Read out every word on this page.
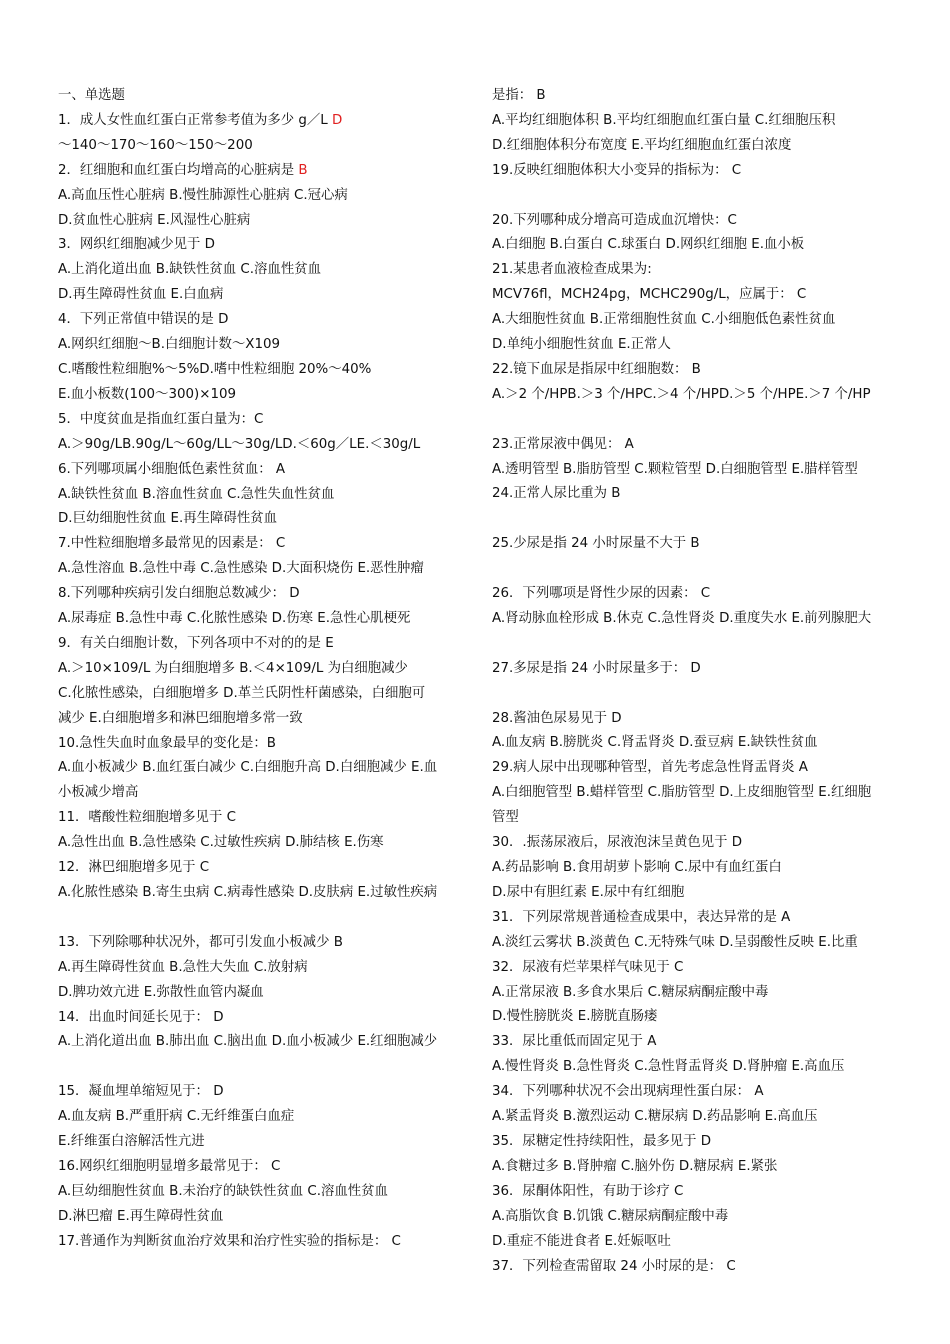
一、单选题
1．成人女性血红蛋白正常参考值为多少 g／L D
～140～170～160～150～200
2．红细胞和血红蛋白均增高的心脏病是 B
A.高血压性心脏病 B.慢性肺源性心脏病 C.冠心病
D.贫血性心脏病 E.风湿性心脏病
3．网织红细胞减少见于 D
A.上消化道出血 B.缺铁性贫血 C.溶血性贫血
D.再生障碍性贫血 E.白血病
4．下列正常值中错误的是 D
A.网织红细胞～B.白细胞计数～X109
C.嗜酸性粒细胞%～5%D.嗜中性粒细胞 20%～40%
E.血小板数(100～300)×109
5．中度贫血是指血红蛋白量为：C
A.＞90g/LB.90g/L～60g/LL～30g/LD.＜60g／LE.＜30g/L
6.下列哪项属小细胞低色素性贫血： A
A.缺铁性贫血 B.溶血性贫血 C.急性失血性贫血
D.巨幼细胞性贫血 E.再生障碍性贫血
7.中性粒细胞增多最常见的因素是： C
A.急性溶血 B.急性中毒 C.急性感染 D.大面积烧伤 E.恶性肿瘤
8.下列哪种疾病引发白细胞总数减少： D
A.尿毒症 B.急性中毒 C.化脓性感染 D.伤寒 E.急性心肌梗死
9．有关白细胞计数，下列各项中不对的的是 E
A.＞10×109/L 为白细胞增多 B.＜4×109/L 为白细胞减少
C.化脓性感染，白细胞增多 D.革兰氏阴性杆菌感染，白细胞可
减少 E.白细胞增多和淋巴细胞增多常一致
10.急性失血时血象最早的变化是：B
A.血小板减少 B.血红蛋白减少 C.白细胞升高 D.白细胞减少 E.血
小板减少增高
11．嗜酸性粒细胞增多见于 C
A.急性出血 B.急性感染 C.过敏性疾病 D.肺结核 E.伤寒
12．淋巴细胞增多见于 C
A.化脓性感染 B.寄生虫病 C.病毒性感染 D.皮肤病 E.过敏性疾病
13．下列除哪种状况外，都可引发血小板减少 B
A.再生障碍性贫血 B.急性大失血 C.放射病
D.脾功效亢进 E.弥散性血管内凝血
14．出血时间延长见于： D
A.上消化道出血 B.肺出血 C.脑出血 D.血小板减少 E.红细胞减少
15．凝血埋单缩短见于： D
A.血友病 B.严重肝病 C.无纤维蛋白血症
E.纤维蛋白溶解活性亢进
16.网织红细胞明显增多最常见于： C
A.巨幼细胞性贫血 B.未治疗的缺铁性贫血 C.溶血性贫血
D.淋巴瘤 E.再生障碍性贫血
17.普通作为判断贫血治疗效果和治疗性实验的指标是： C
是指： B
A.平均红细胞体积 B.平均红细胞血红蛋白量 C.红细胞压积
D.红细胞体积分布宽度 E.平均红细胞血红蛋白浓度
19.反映红细胞体积大小变异的指标为： C
20.下列哪种成分增高可造成血沉增快：C
A.白细胞 B.白蛋白 C.球蛋白 D.网织红细胞 E.血小板
21.某患者血液检查成果为:
MCV76fl，MCH24pg，MCHC290g/L，应属于： C
A.大细胞性贫血 B.正常细胞性贫血 C.小细胞低色素性贫血
D.单纯小细胞性贫血 E.正常人
22.镜下血尿是指尿中红细胞数： B
A.＞2 个/HPB.＞3 个/HPC.＞4 个/HPD.＞5 个/HPE.＞7 个/HP
23.正常尿液中偶见： A
A.透明管型 B.脂肪管型 C.颗粒管型 D.白细胞管型 E.腊样管型
24.正常人尿比重为 B
25.少尿是指 24 小时尿量不大于 B
26．下列哪项是肾性少尿的因素： C
A.肾动脉血栓形成 B.休克 C.急性肾炎 D.重度失水 E.前列腺肥大
27.多尿是指 24 小时尿量多于： D
28.酱油色尿易见于 D
A.血友病 B.膀胱炎 C.肾盂肾炎 D.蚕豆病 E.缺铁性贫血
29.病人尿中出现哪种管型，首先考虑急性肾盂肾炎 A
A.白细胞管型 B.蜡样管型 C.脂肪管型 D.上皮细胞管型 E.红细胞
管型
30．.振荡尿液后，尿液泡沫呈黄色见于 D
A.药品影响 B.食用胡萝卜影响 C.尿中有血红蛋白
D.尿中有胆红素 E.尿中有红细胞
31．下列尿常规普通检查成果中，表达异常的是 A
A.淡红云雾状 B.淡黄色 C.无特殊气味 D.呈弱酸性反映 E.比重
32．尿液有烂苹果样气味见于 C
A.正常尿液 B.多食水果后 C.糖尿病酮症酸中毒
D.慢性膀胱炎 E.膀胱直肠瘘
33．尿比重低而固定见于 A
A.慢性肾炎 B.急性肾炎 C.急性肾盂肾炎 D.肾肿瘤 E.高血压
34．下列哪种状况不会出现病理性蛋白尿： A
A.紧盂肾炎 B.激烈运动 C.糖尿病 D.药品影响 E.高血压
35．尿糖定性持续阳性，最多见于 D
A.食糖过多 B.肾肿瘤 C.脑外伤 D.糖尿病 E.紧张
36．尿酮体阳性，有助于诊疗 C
A.高脂饮食 B.饥饿 C.糖尿病酮症酸中毒
D.重症不能进食者 E.妊娠呕吐
37．下列检查需留取 24 小时尿的是： C
